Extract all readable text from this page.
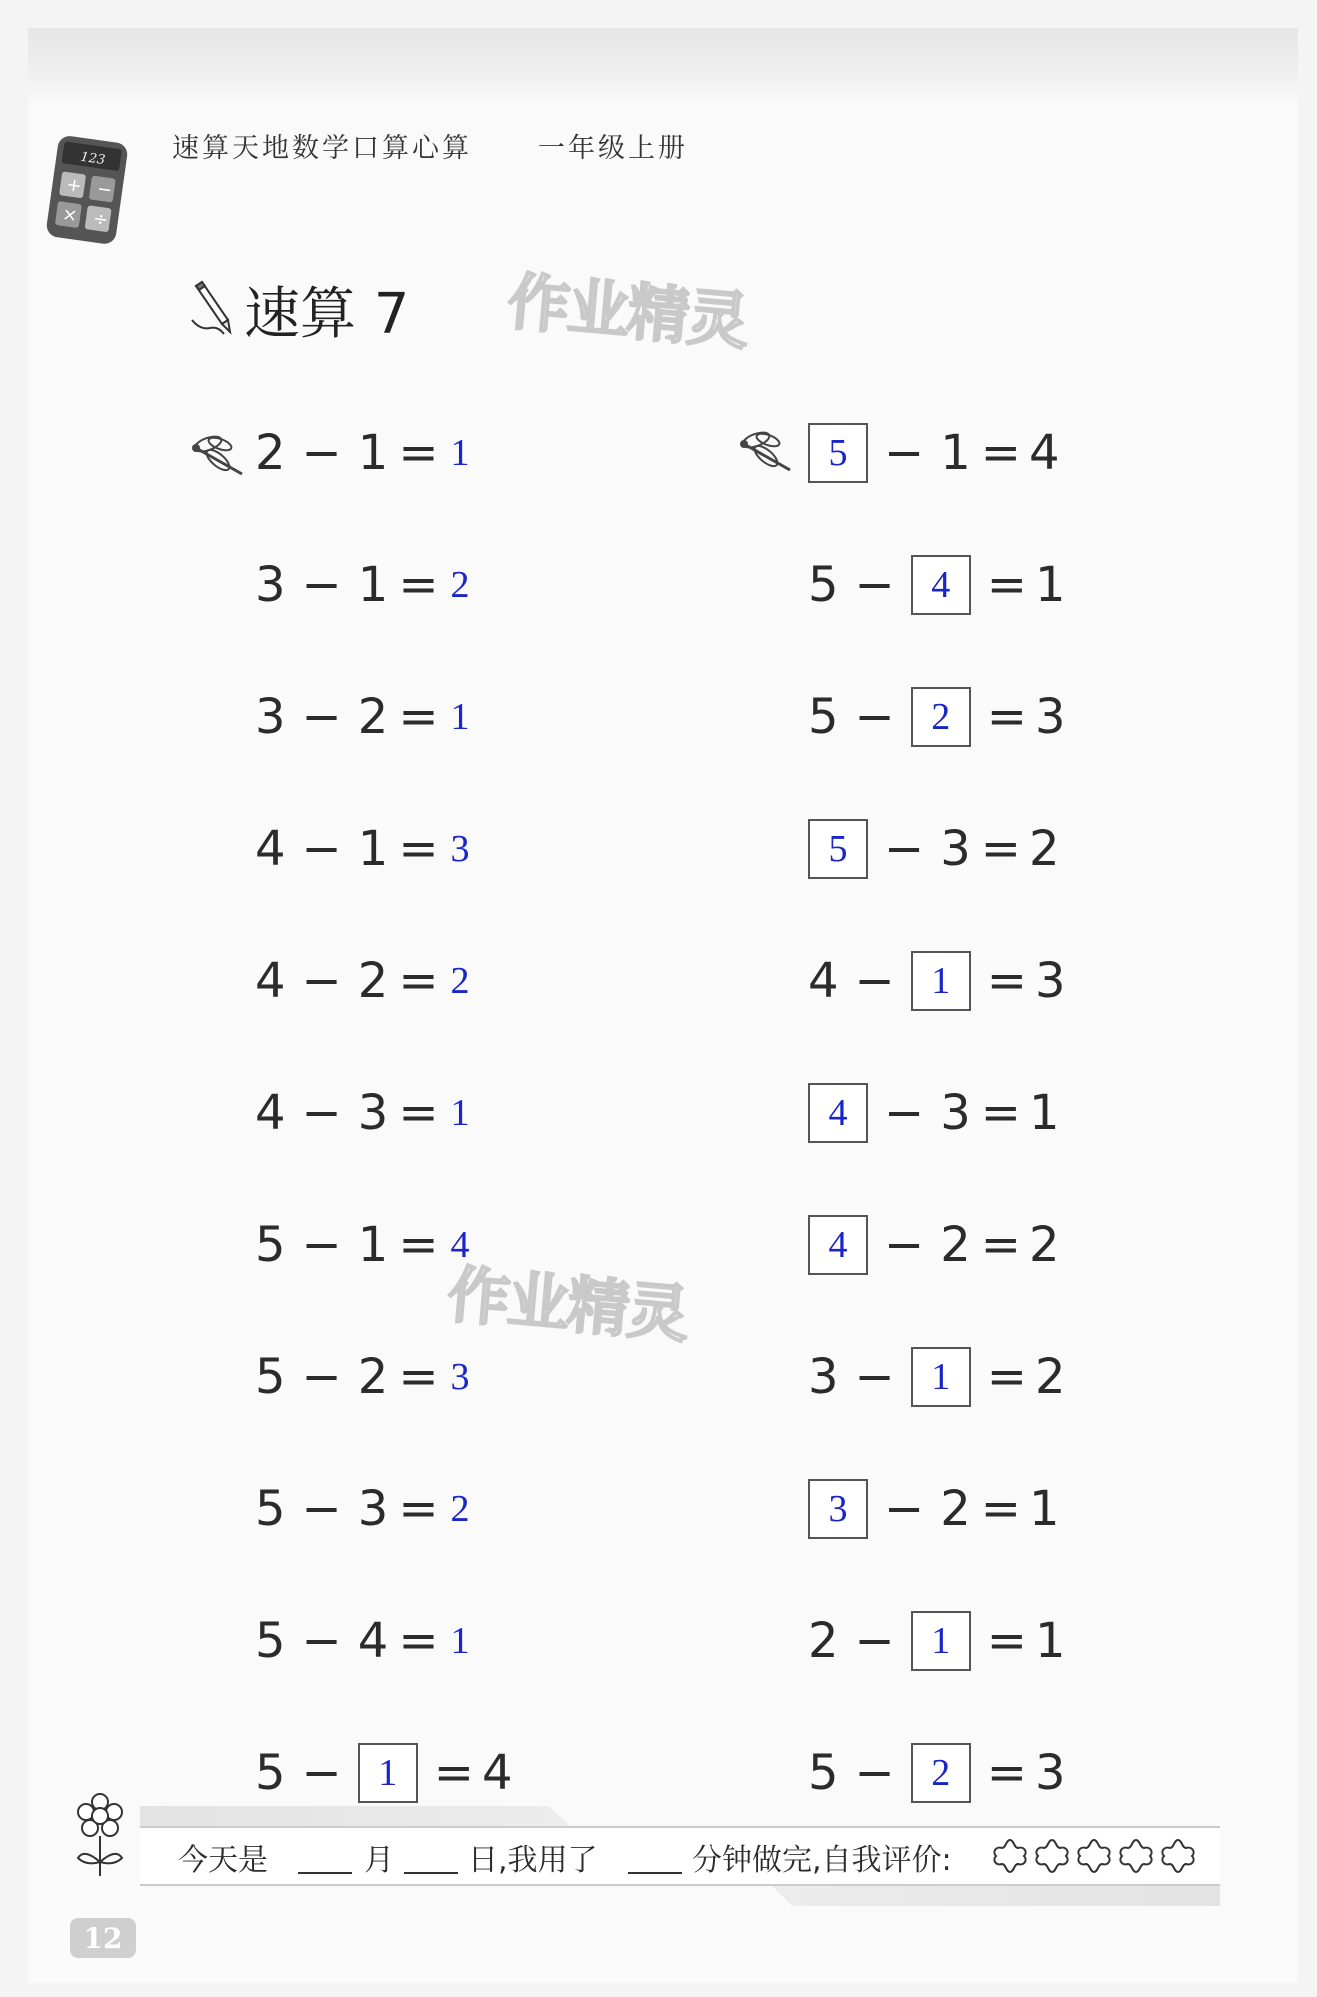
123
+ −
× ÷
速算天地数学口算心算 一年级上册
速算 7 作业精灵
作业精灵
2 − 1 = 1
3 − 1 = 2
3 − 2 = 1
4 − 1 = 3
4 − 2 = 2
4 − 3 = 1
5 − 1 = 4
5 − 2 = 3
5 − 3 = 2
5 − 4 = 1
5 − 1 = 4
5 − 1 = 4
5 − 4 = 1
5 − 2 = 3
5 − 3 = 2
4 − 1 = 3
4 − 3 = 1
4 − 2 = 2
3 − 1 = 2
3 − 2 = 1
2 − 1 = 1
5 − 2 = 3
今天是	月 日,我用了	分钟做完,自我评价:
12
